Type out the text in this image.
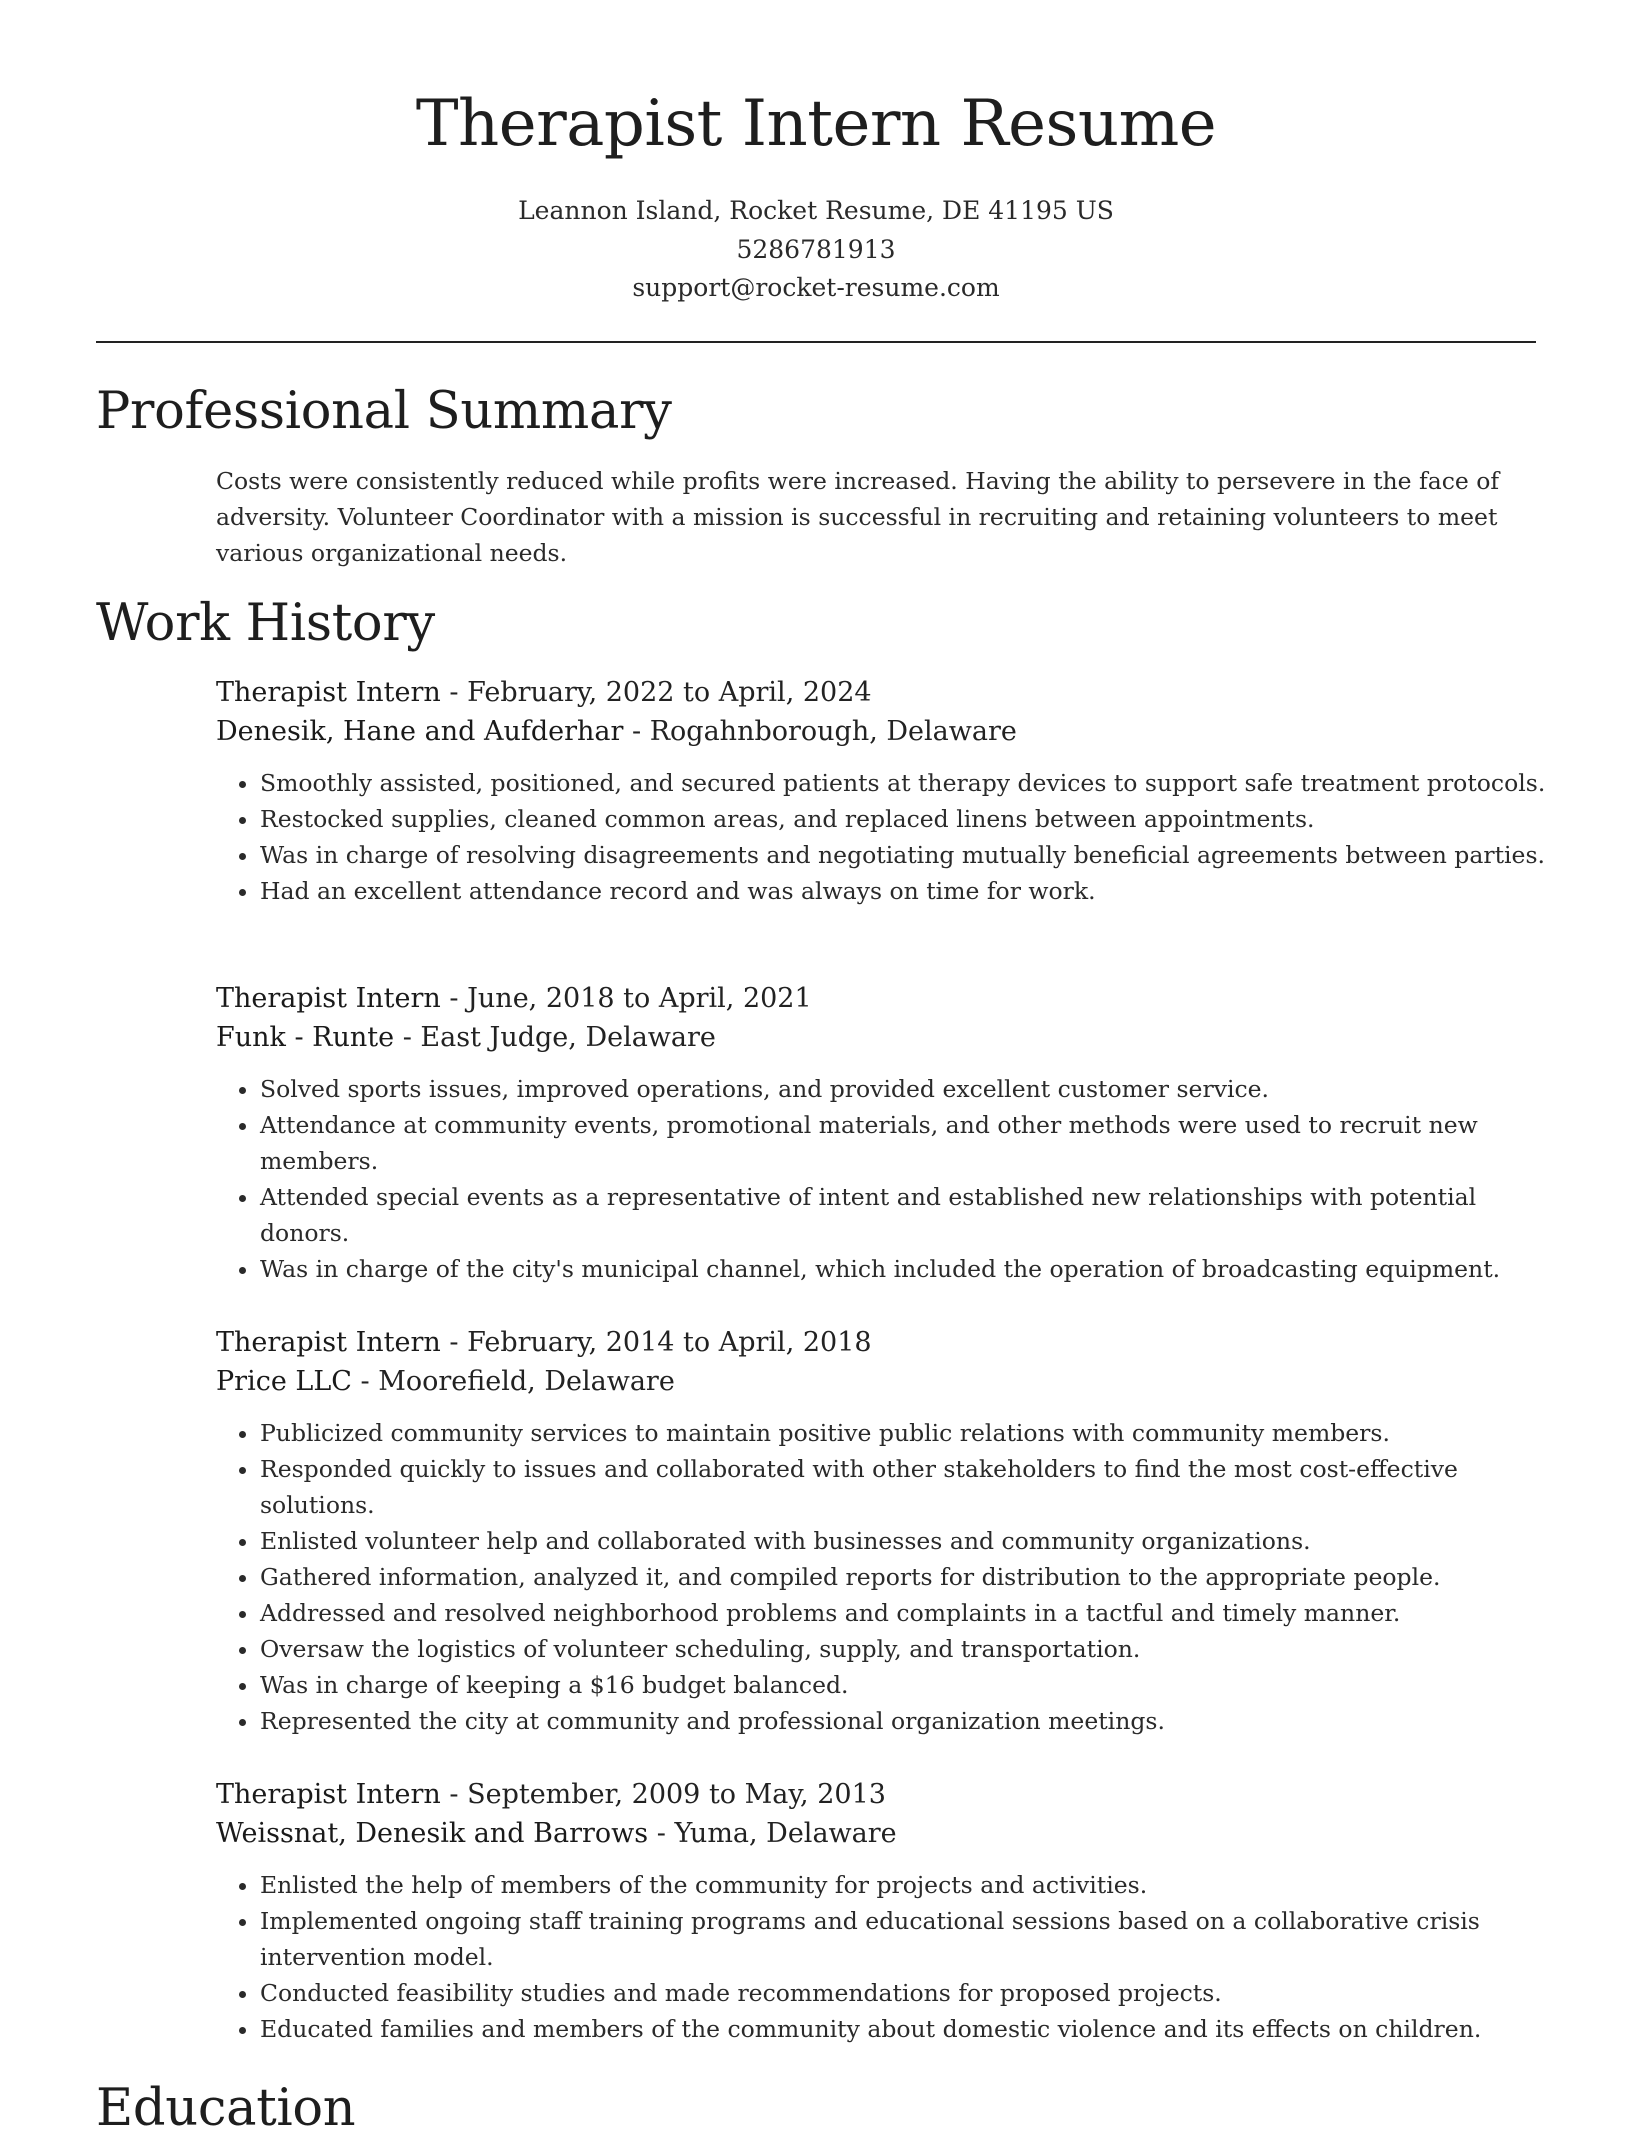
Therapist Intern Resume
Leannon Island, Rocket Resume, DE 41195 US
5286781913
support@rocket-resume.com
Professional Summary

Costs were consistently reduced while profits were increased. Having the ability to persevere in the face of adversity. Volunteer Coordinator with a mission is successful in recruiting and retaining volunteers to meet various organizational needs.

Work History
Therapist Intern - February, 2022 to April, 2024
Denesik, Hane and Aufderhar - Rogahnborough, Delaware
• Smoothly assisted, positioned, and secured patients at therapy devices to support safe treatment protocols.
• Restocked supplies, cleaned common areas, and replaced linens between appointments.
• Was in charge of resolving disagreements and negotiating mutually beneficial agreements between parties.
• Had an excellent attendance record and was always on time for work.
Therapist Intern - June, 2018 to April, 2021
Funk - Runte - East Judge, Delaware
• Solved sports issues, improved operations, and provided excellent customer service.
• Attendance at community events, promotional materials, and other methods were used to recruit new members.
• Attended special events as a representative of intent and established new relationships with potential donors.
• Was in charge of the city's municipal channel, which included the operation of broadcasting equipment.
Therapist Intern - February, 2014 to April, 2018
Price LLC - Moorefield, Delaware
• Publicized community services to maintain positive public relations with community members.
• Responded quickly to issues and collaborated with other stakeholders to find the most cost-effective solutions.
• Enlisted volunteer help and collaborated with businesses and community organizations.
• Gathered information, analyzed it, and compiled reports for distribution to the appropriate people.
• Addressed and resolved neighborhood problems and complaints in a tactful and timely manner.
• Oversaw the logistics of volunteer scheduling, supply, and transportation.
• Was in charge of keeping a $16 budget balanced.
• Represented the city at community and professional organization meetings.
Therapist Intern - September, 2009 to May, 2013
Weissnat, Denesik and Barrows - Yuma, Delaware
• Enlisted the help of members of the community for projects and activities.
• Implemented ongoing staff training programs and educational sessions based on a collaborative crisis intervention model.
• Conducted feasibility studies and made recommendations for proposed projects.
• Educated families and members of the community about domestic violence and its effects on children.
Education
